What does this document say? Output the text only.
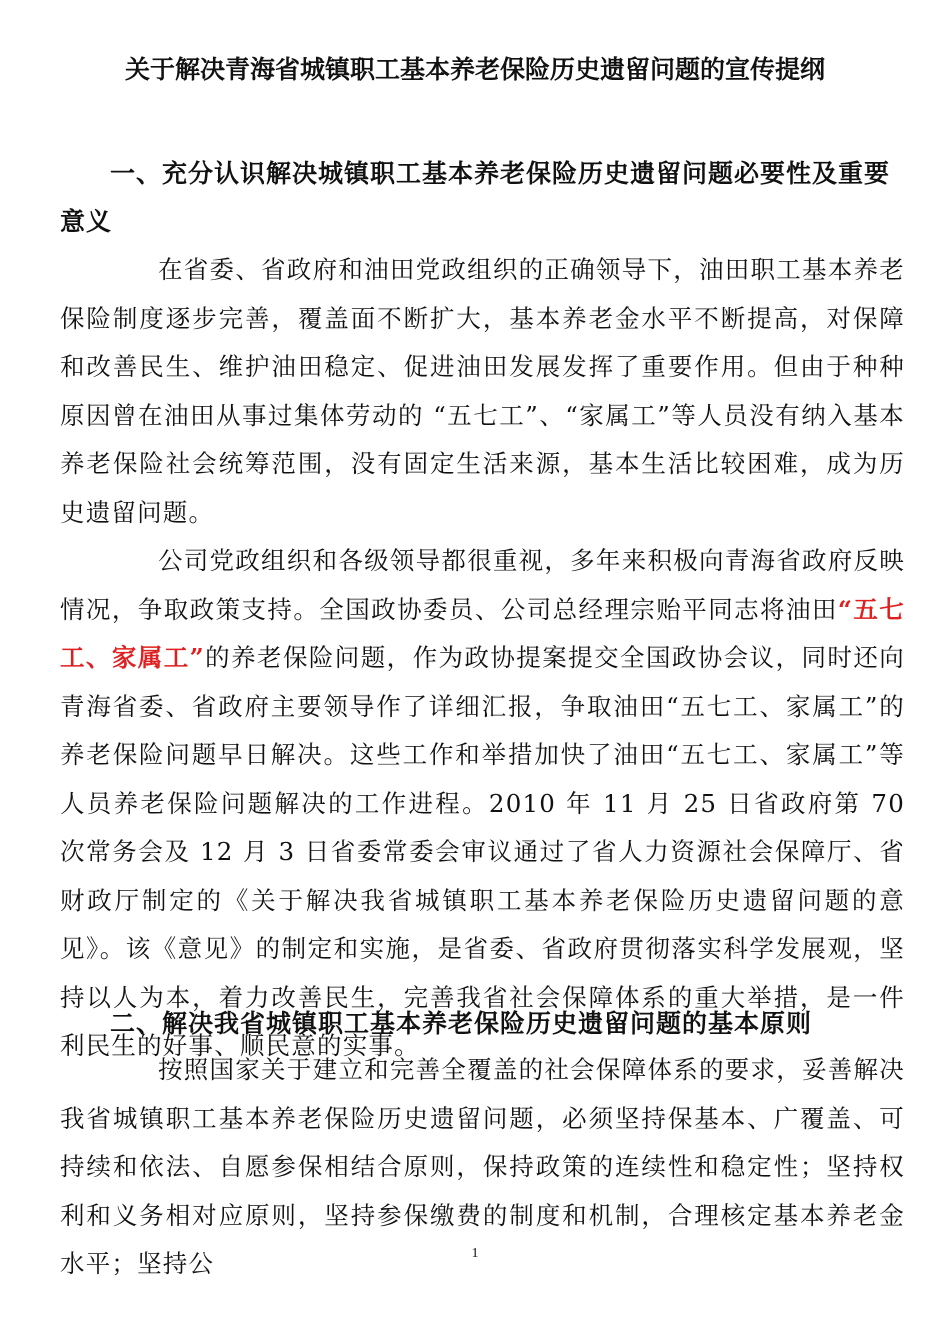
关于解决青海省城镇职工基本养老保险历史遗留问题的宣传提纲

一、充分认识解决城镇职工基本养老保险历史遗留问题必要性及重要意义

在省委、省政府和油田党政组织的正确领导下，油田职工基本养老保险制度逐步完善，覆盖面不断扩大，基本养老金水平不断提高，对保障和改善民生、维护油田稳定、促进油田发展发挥了重要作用。但由于种种原因曾在油田从事过集体劳动的 “五七工”、“家属工”等人员没有纳入基本养老保险社会统筹范围，没有固定生活来源，基本生活比较困难，成为历史遗留问题。

公司党政组织和各级领导都很重视，多年来积极向青海省政府反映情况，争取政策支持。全国政协委员、公司总经理宗贻平同志将油田“五七工、家属工”的养老保险问题，作为政协提案提交全国政协会议，同时还向青海省委、省政府主要领导作了详细汇报，争取油田“五七工、家属工”的养老保险问题早日解决。这些工作和举措加快了油田“五七工、家属工”等人员养老保险问题解决的工作进程。2010 年 11 月 25 日省政府第 70 次常务会及 12 月 3 日省委常委会审议通过了省人力资源社会保障厅、省财政厅制定的《关于解决我省城镇职工基本养老保险历史遗留问题的意见》。该《意见》的制定和实施，是省委、省政府贯彻落实科学发展观，坚持以人为本，着力改善民生，完善我省社会保障体系的重大举措，是一件利民生的好事、顺民意的实事。

二、解决我省城镇职工基本养老保险历史遗留问题的基本原则

按照国家关于建立和完善全覆盖的社会保障体系的要求，妥善解决我省城镇职工基本养老保险历史遗留问题，必须坚持保基本、广覆盖、可持续和依法、自愿参保相结合原则，保持政策的连续性和稳定性；坚持权利和义务相对应原则，坚持参保缴费的制度和机制，合理核定基本养老金水平；坚持公	1
